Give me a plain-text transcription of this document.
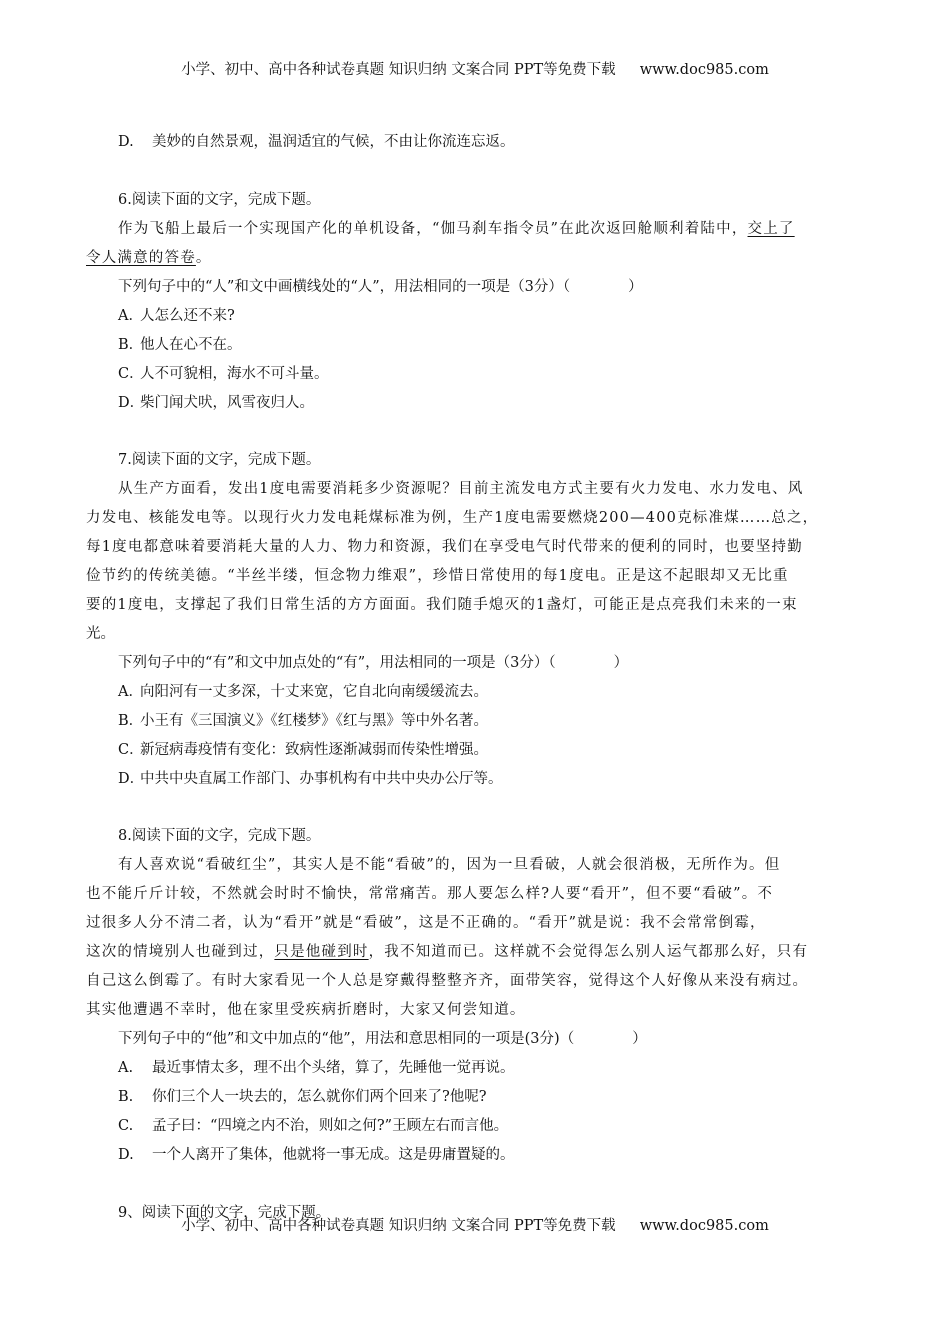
小学、初中、高中各种试卷真题 知识归纳 文案合同 PPT等免费下载 www.doc985.com
D. 美妙的自然景观，温润适宜的气候，不由让你流连忘返。
6.阅读下面的文字，完成下题。
作为飞船上最后一个实现国产化的单机设备，“伽马刹车指令员”在此次返回舱顺利着陆中，交上了
令人满意的答卷。
下列句子中的“人”和文中画横线处的“人”，用法相同的一项是（3分）（　　　　）
A．人怎么还不来?
B．他人在心不在。
C．人不可貌相，海水不可斗量。
D．柴门闻犬吠，风雪夜归人。
7.阅读下面的文字，完成下题。
从生产方面看，发出1度电需要消耗多少资源呢？目前主流发电方式主要有火力发电、水力发电、风
力发电、核能发电等。以现行火力发电耗煤标准为例，生产1度电需要燃烧200—400克标准煤……总之，
每1度电都意味着要消耗大量的人力、物力和资源，我们在享受电气时代带来的便利的同时，也要坚持勤
俭节约的传统美德。“半丝半缕，恒念物力维艰”，珍惜日常使用的每1度电。正是这不起眼却又无比重
要的1度电，支撑起了我们日常生活的方方面面。我们随手熄灭的1盏灯，可能正是点亮我们未来的一束
光。
下列句子中的“有”和文中加点处的“有”，用法相同的一项是（3分）（　　　　）
A．向阳河有一丈多深，十丈来宽，它自北向南缓缓流去。
B．小王有《三国演义》《红楼梦》《红与黑》等中外名著。
C．新冠病毒疫情有变化：致病性逐渐减弱而传染性增强。
D．中共中央直属工作部门、办事机构有中共中央办公厅等。
8.阅读下面的文字，完成下题。
有人喜欢说“看破红尘”，其实人是不能“看破”的，因为一旦看破，人就会很消极，无所作为。但
也不能斤斤计较，不然就会时时不愉快，常常痛苦。那人要怎么样?人要“看开”，但不要“看破”。不
过很多人分不清二者，认为“看开”就是“看破”，这是不正确的。“看开”就是说：我不会常常倒霉，
这次的情境别人也碰到过，只是他碰到时，我不知道而已。这样就不会觉得怎么别人运气都那么好，只有
自己这么倒霉了。有时大家看见一个人总是穿戴得整整齐齐，面带笑容，觉得这个人好像从来没有病过。
其实他遭遇不幸时，他在家里受疾病折磨时，大家又何尝知道。
下列句子中的“他”和文中加点的“他”，用法和意思相同的一项是(3分)（　　　　）
A. 最近事情太多，理不出个头绪，算了，先睡他一觉再说。
B. 你们三个人一块去的，怎么就你们两个回来了?他呢?
C. 孟子曰：“四境之内不治，则如之何?”王顾左右而言他。
D. 一个人离开了集体，他就将一事无成。这是毋庸置疑的。
9、阅读下面的文字，完成下题。
小学、初中、高中各种试卷真题 知识归纳 文案合同 PPT等免费下载 www.doc985.com
